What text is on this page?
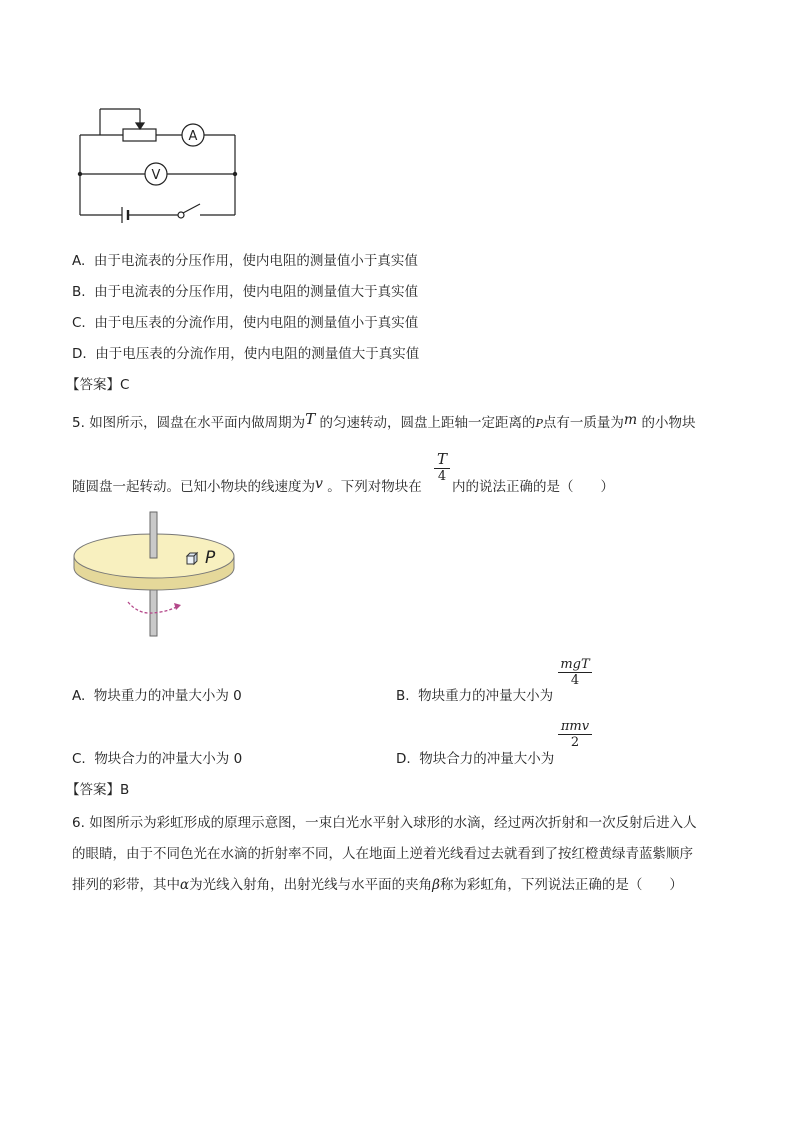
A
V
A. 由于电流表的分压作用，使内电阻的测量值小于真实值
B. 由于电流表的分压作用，使内电阻的测量值大于真实值
C. 由于电压表的分流作用，使内电阻的测量值小于真实值
D. 由于电压表的分流作用，使内电阻的测量值大于真实值
【答案】C
5. 如图所示，圆盘在水平面内做周期为T 的匀速转动，圆盘上距轴一定距离的P点有一质量为m 的小物块
随圆盘一起转动。已知小物块的线速度为v 。下列对物块在
T
4
内的说法正确的是（　　）
P
A. 物块重力的冲量大小为 0	B. 物块重力的冲量大小为
mgT
4
C. 物块合力的冲量大小为 0	D. 物块合力的冲量大小为
πmv
2
【答案】B
6. 如图所示为彩虹形成的原理示意图，一束白光水平射入球形的水滴，经过两次折射和一次反射后进入人
的眼睛，由于不同色光在水滴的折射率不同，人在地面上逆着光线看过去就看到了按红橙黄绿青蓝紫顺序
排列的彩带，其中α为光线入射角，出射光线与水平面的夹角β称为彩虹角，下列说法正确的是（　　）
